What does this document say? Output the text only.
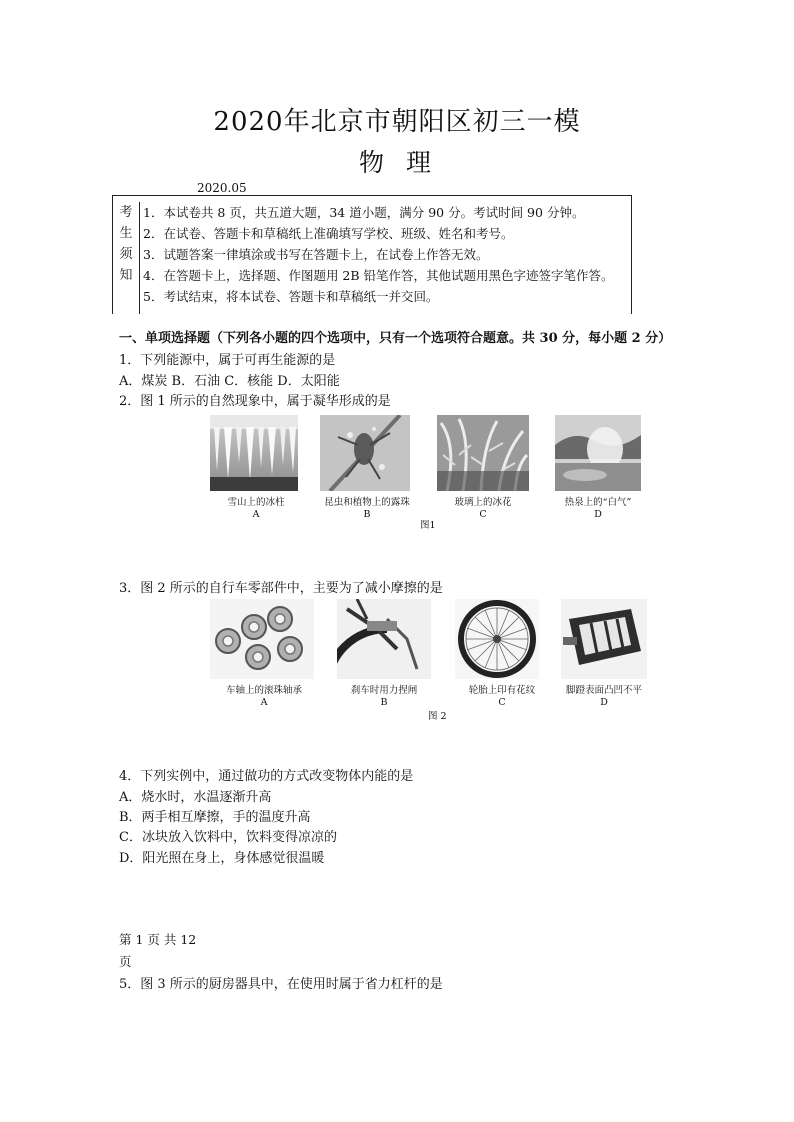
2020年北京市朝阳区初三一模
物理
2020.05
考
生
须
知
1．本试卷共 8 页，共五道大题，34 道小题，满分 90 分。考试时间 90 分钟。
2．在试卷、答题卡和草稿纸上准确填写学校、班级、姓名和考号。
3．试题答案一律填涂或书写在答题卡上，在试卷上作答无效。
4．在答题卡上，选择题、作图题用 2B 铅笔作答，其他试题用黑色字迹签字笔作答。
5．考试结束，将本试卷、答题卡和草稿纸一并交回。
一、单项选择题（下列各小题的四个选项中，只有一个选项符合题意。共 30 分，每小题 2 分）
1．下列能源中，属于可再生能源的是
A．煤炭 B．石油 C．核能 D．太阳能
2．图 1 所示的自然现象中，属于凝华形成的是
雪山上的冰柱
A
昆虫和植物上的露珠
B
玻璃上的冰花
C
热泉上的“白气”
D
图1
3．图 2 所示的自行车零部件中，主要为了减小摩擦的是
车轴上的滚珠轴承
A
刹车时用力捏闸
B
轮胎上印有花纹
C
脚蹬表面凸凹不平
D
图 2
4．下列实例中，通过做功的方式改变物体内能的是
A．烧水时，水温逐渐升高
B．两手相互摩擦，手的温度升高
C．冰块放入饮料中，饮料变得凉凉的
D．阳光照在身上，身体感觉很温暖
第 1 页 共 12
页
5．图 3 所示的厨房器具中，在使用时属于省力杠杆的是
